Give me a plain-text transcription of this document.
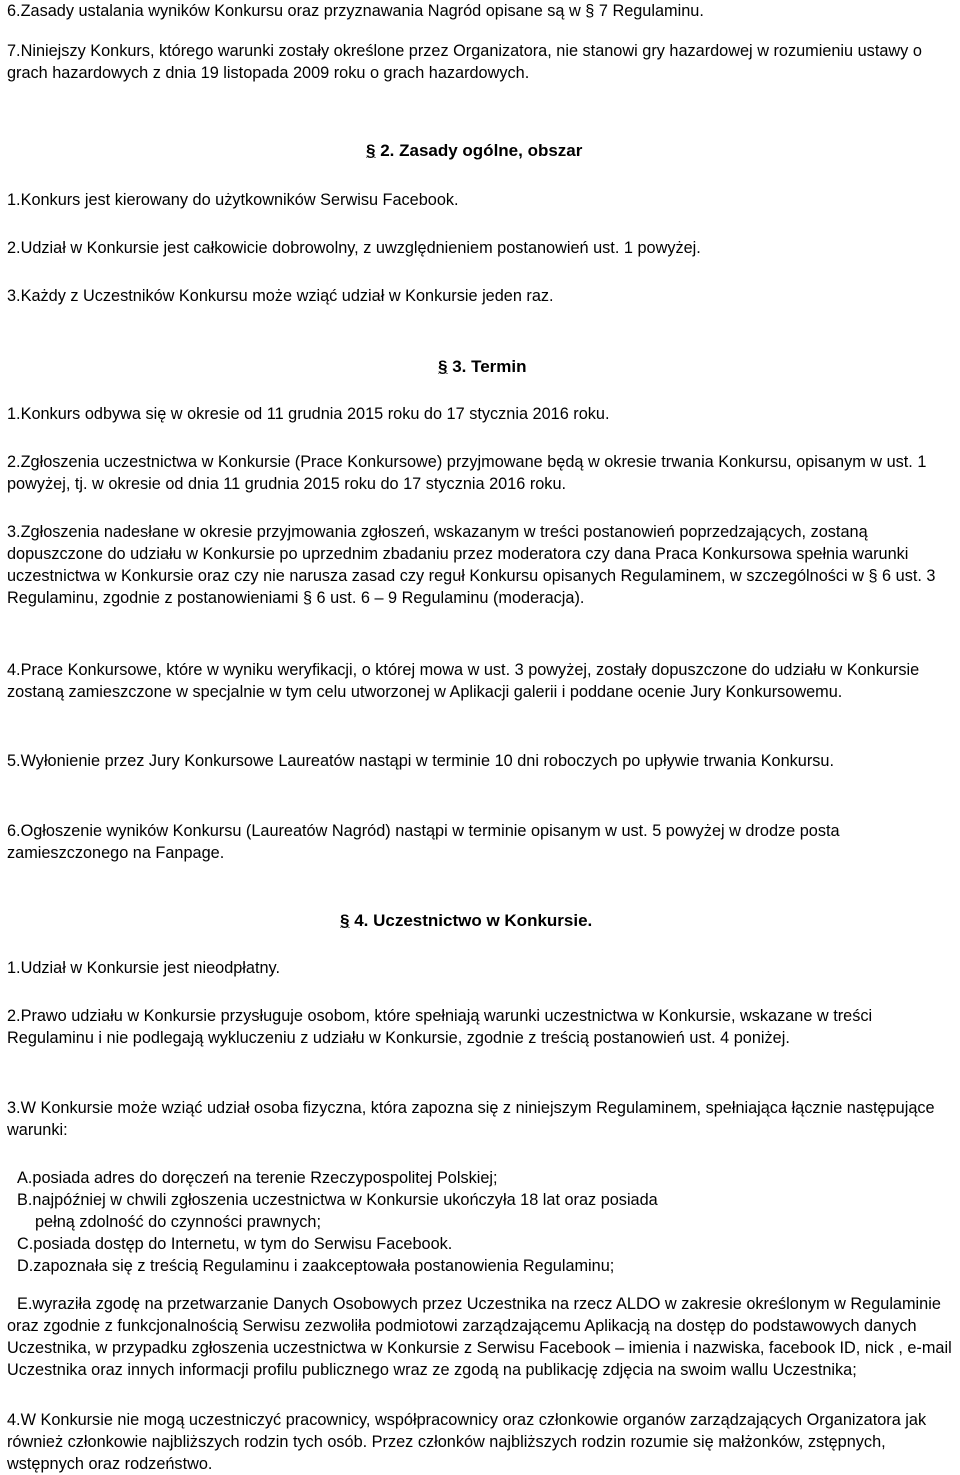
6.Zasady ustalania wyników Konkursu oraz przyznawania Nagród opisane są w § 7 Regulaminu.

7.Niniejszy Konkurs, którego warunki zostały określone przez Organizatora, nie stanowi gry hazardowej w rozumieniu ustawy o grach hazardowych z dnia 19 listopada 2009 roku o grach hazardowych.

§ 2. Zasady ogólne, obszar

1.Konkurs jest kierowany do użytkowników Serwisu Facebook.

2.Udział w Konkursie jest całkowicie dobrowolny, z uwzględnieniem postanowień ust. 1 powyżej.

3.Każdy z Uczestników Konkursu może wziąć udział w Konkursie jeden raz.

§ 3. Termin

1.Konkurs odbywa się w okresie od 11 grudnia 2015 roku do 17 stycznia 2016 roku.

2.Zgłoszenia uczestnictwa w Konkursie (Prace Konkursowe) przyjmowane będą w okresie trwania Konkursu, opisanym w ust. 1 powyżej, tj. w okresie od dnia 11 grudnia 2015 roku do 17 stycznia 2016 roku.

3.Zgłoszenia nadesłane w okresie przyjmowania zgłoszeń, wskazanym w treści postanowień poprzedzających, zostaną dopuszczone do udziału w Konkursie po uprzednim zbadaniu przez moderatora czy dana Praca Konkursowa spełnia warunki uczestnictwa w Konkursie oraz czy nie narusza zasad czy reguł Konkursu opisanych Regulaminem, w szczególności w § 6 ust. 3 Regulaminu, zgodnie z postanowieniami § 6 ust. 6 – 9 Regulaminu (moderacja).

4.Prace Konkursowe, które w wyniku weryfikacji, o której mowa w ust. 3 powyżej, zostały dopuszczone do udziału w Konkursie zostaną zamieszczone w specjalnie w tym celu utworzonej w Aplikacji galerii i poddane ocenie Jury Konkursowemu.

5.Wyłonienie przez Jury Konkursowe Laureatów nastąpi w terminie 10 dni roboczych po upływie trwania Konkursu.

6.Ogłoszenie wyników Konkursu (Laureatów Nagród) nastąpi w terminie opisanym w ust. 5 powyżej w drodze posta zamieszczonego na Fanpage.

§ 4. Uczestnictwo w Konkursie.

1.Udział w Konkursie jest nieodpłatny.

2.Prawo udziału w Konkursie przysługuje osobom, które spełniają warunki uczestnictwa w Konkursie, wskazane w treści Regulaminu i nie podlegają wykluczeniu z udziału w Konkursie, zgodnie z treścią postanowień ust. 4 poniżej.

3.W Konkursie może wziąć udział osoba fizyczna, która zapozna się z niniejszym Regulaminem, spełniająca łącznie następujące warunki:

A.posiada adres do doręczeń na terenie Rzeczypospolitej Polskiej;
B.najpóźniej w chwili zgłoszenia uczestnictwa w Konkursie ukończyła 18 lat oraz posiada
pełną zdolność do czynności prawnych;
C.posiada dostęp do Internetu, w tym do Serwisu Facebook.
D.zapoznała się z treścią Regulaminu i zaakceptowała postanowienia Regulaminu;

E.wyraziła zgodę na przetwarzanie Danych Osobowych przez Uczestnika na rzecz ALDO w zakresie określonym w Regulaminie oraz zgodnie z funkcjonalnością Serwisu zezwoliła podmiotowi zarządzającemu Aplikacją na dostęp do podstawowych danych Uczestnika, w przypadku zgłoszenia uczestnictwa w Konkursie z Serwisu Facebook – imienia i nazwiska, facebook ID, nick , e-mail Uczestnika oraz innych informacji profilu publicznego wraz ze zgodą na publikację zdjęcia na swoim wallu Uczestnika;

4.W Konkursie nie mogą uczestniczyć pracownicy, współpracownicy oraz członkowie organów zarządzających Organizatora jak również członkowie najbliższych rodzin tych osób. Przez członków najbliższych rodzin rozumie się małżonków, zstępnych, wstępnych oraz rodzeństwo.
